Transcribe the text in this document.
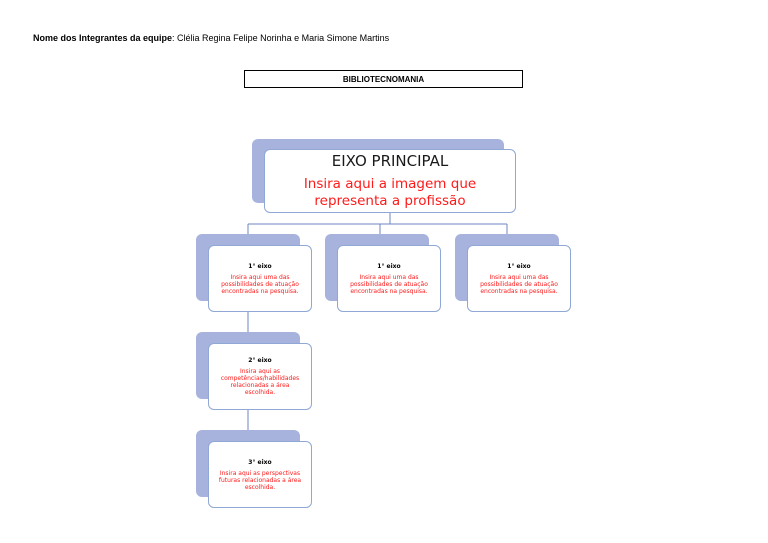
Nome dos Integrantes da equipe: Clélia Regina Felipe Norinha e Maria Simone Martins
BIBLIOTECNOMANIA
EIXO PRINCIPAL
Insira aqui a imagem que representa a profissão
1° eixo
Insira aqui uma das possibilidades de atuação encontradas na pesquisa.
1° eixo
Insira aqui uma das possibilidades de atuação encontradas na pesquisa.
1° eixo
Insira aqui uma das possibilidades de atuação encontradas na pesquisa.
2° eixo
Insira aqui as competências/habilidades relacionadas a área escolhida.
3° eixo
Insira aqui as perspectivas futuras relacionadas a área escolhida.
